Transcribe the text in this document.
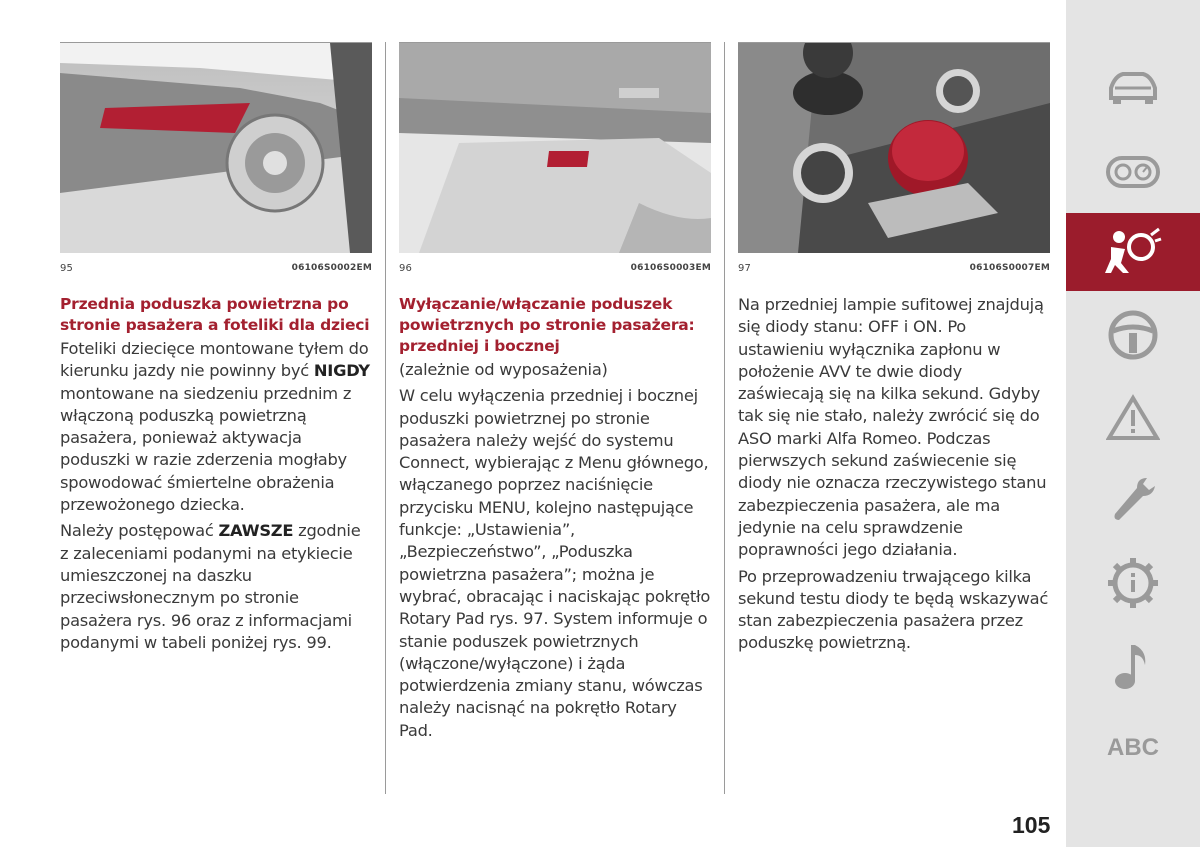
95	06106S0002EM
Przednia poduszka powietrzna po stronie pasażera a foteliki dla dzieci

Foteliki dziecięce montowane tyłem do kierunku jazdy nie powinny być NIGDY montowane na siedzeniu przednim z włączoną poduszką powietrzną pasażera, ponieważ aktywacja poduszki w razie zderzenia mogłaby spowodować śmiertelne obrażenia przewożonego dziecka.

Należy postępować ZAWSZE zgodnie z zaleceniami podanymi na etykiecie umieszczonej na daszku przeciwsłonecznym po stronie pasażera rys. 96 oraz z informacjami podanymi w tabeli poniżej rys. 99.

96	06106S0003EM
Wyłączanie/włączanie poduszek powietrznych po stronie pasażera: przedniej i bocznej

(zależnie od wyposażenia)

W celu wyłączenia przedniej i bocznej poduszki powietrznej po stronie pasażera należy wejść do systemu Connect, wybierając z Menu głównego, włączanego poprzez naciśnięcie przycisku MENU, kolejno następujące funkcje: „Ustawienia”, „Bezpieczeństwo”, „Poduszka powietrzna pasażera”; można je wybrać, obracając i naciskając pokrętło Rotary Pad rys. 97. System informuje o stanie poduszek powietrznych (włączone/wyłączone) i żąda potwierdzenia zmiany stanu, wówczas należy nacisnąć na pokrętło Rotary Pad.

97	06106S0007EM

Na przedniej lampie sufitowej znajdują się diody stanu: OFF i ON. Po ustawieniu wyłącznika zapłonu w położenie AVV te dwie diody zaświecają się na kilka sekund. Gdyby tak się nie stało, należy zwrócić się do ASO marki Alfa Romeo. Podczas pierwszych sekund zaświecenie się diody nie oznacza rzeczywistego stanu zabezpieczenia pasażera, ale ma jedynie na celu sprawdzenie poprawności jego działania.

Po przeprowadzeniu trwającego kilka sekund testu diody te będą wskazywać stan zabezpieczenia pasażera przez poduszkę powietrzną.

ABC
105
